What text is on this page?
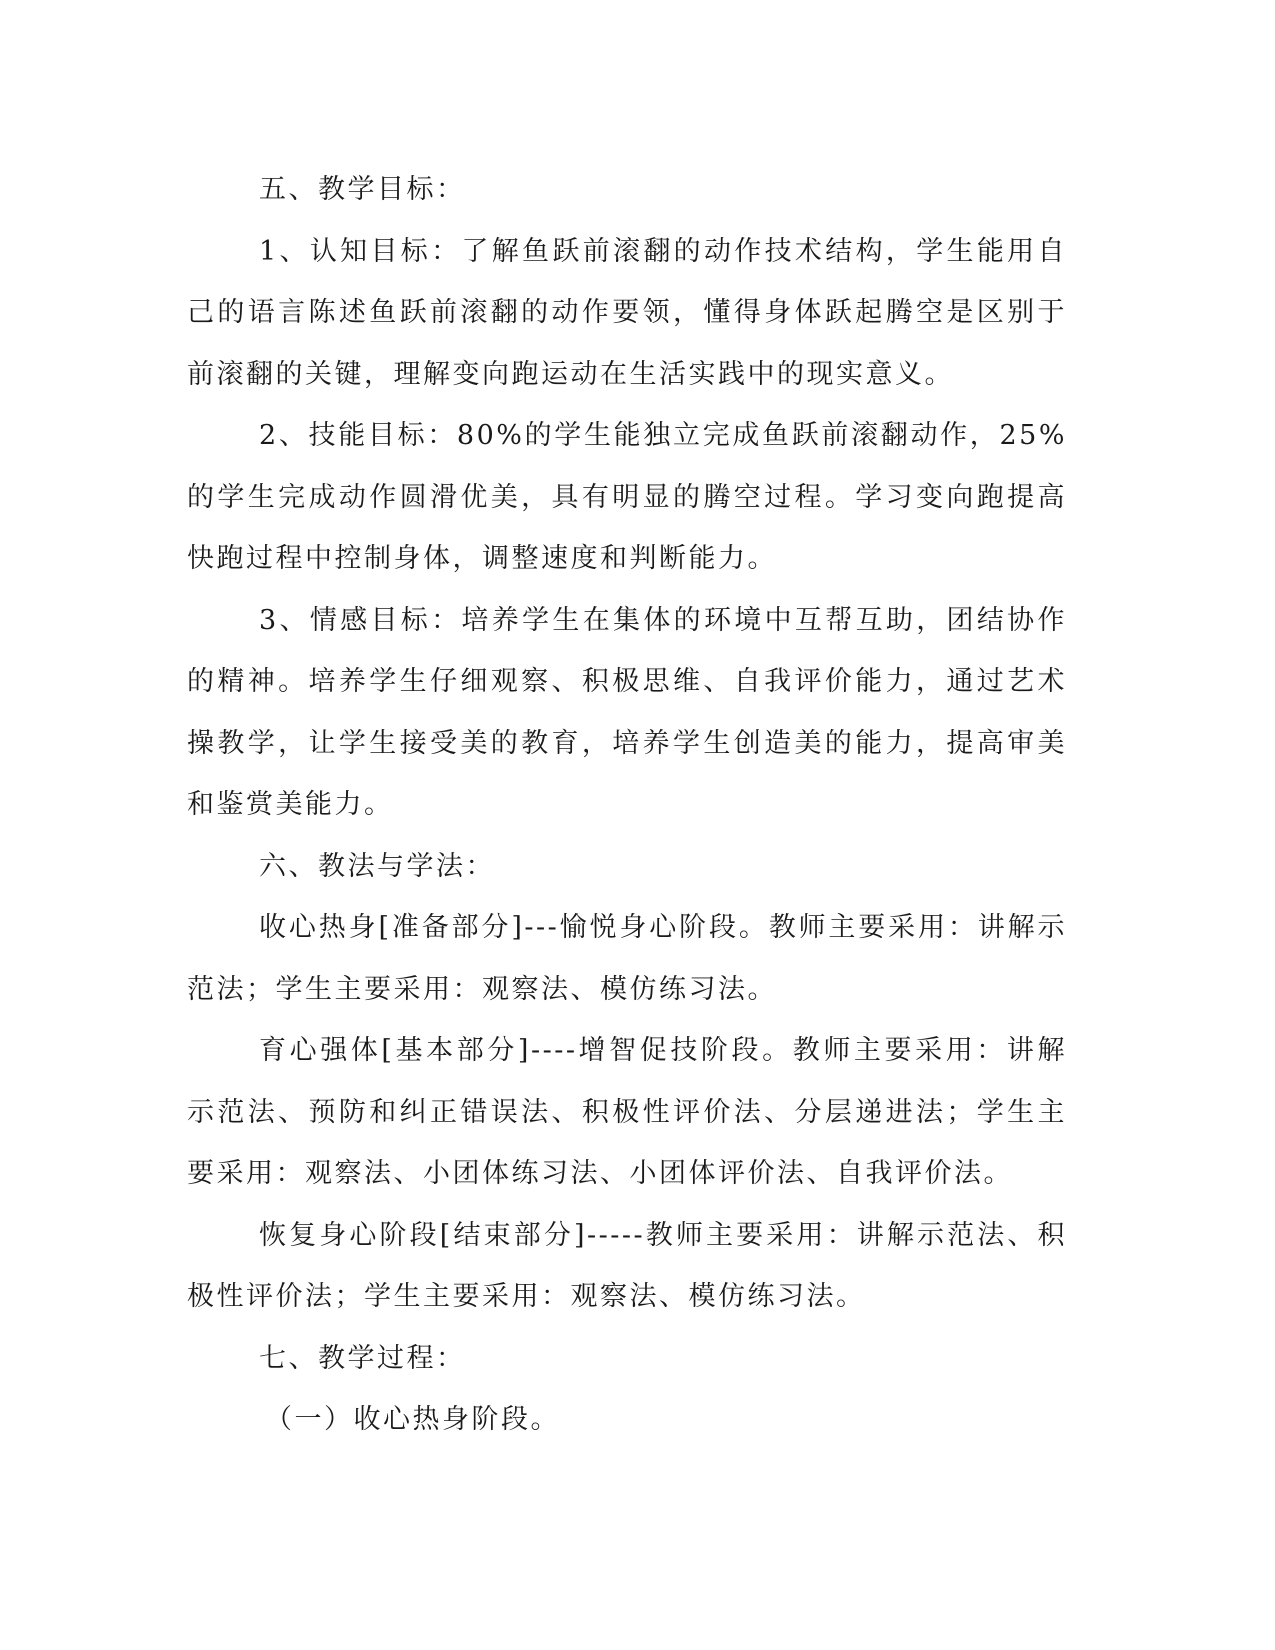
五、教学目标：

1、认知目标：了解鱼跃前滚翻的动作技术结构，学生能用自己的语言陈述鱼跃前滚翻的动作要领，懂得身体跃起腾空是区别于前滚翻的关键，理解变向跑运动在生活实践中的现实意义。

2、技能目标：80%的学生能独立完成鱼跃前滚翻动作，25%的学生完成动作圆滑优美，具有明显的腾空过程。学习变向跑提高快跑过程中控制身体，调整速度和判断能力。

3、情感目标：培养学生在集体的环境中互帮互助，团结协作的精神。培养学生仔细观察、积极思维、自我评价能力，通过艺术操教学，让学生接受美的教育，培养学生创造美的能力，提高审美和鉴赏美能力。

六、教法与学法：

收心热身[准备部分]---愉悦身心阶段。教师主要采用：讲解示范法；学生主要采用：观察法、模仿练习法。

育心强体[基本部分]----增智促技阶段。教师主要采用：讲解示范法、预防和纠正错误法、积极性评价法、分层递进法；学生主要采用：观察法、小团体练习法、小团体评价法、自我评价法。

恢复身心阶段[结束部分]-----教师主要采用：讲解示范法、积极性评价法；学生主要采用：观察法、模仿练习法。

七、教学过程：

（一）收心热身阶段。
